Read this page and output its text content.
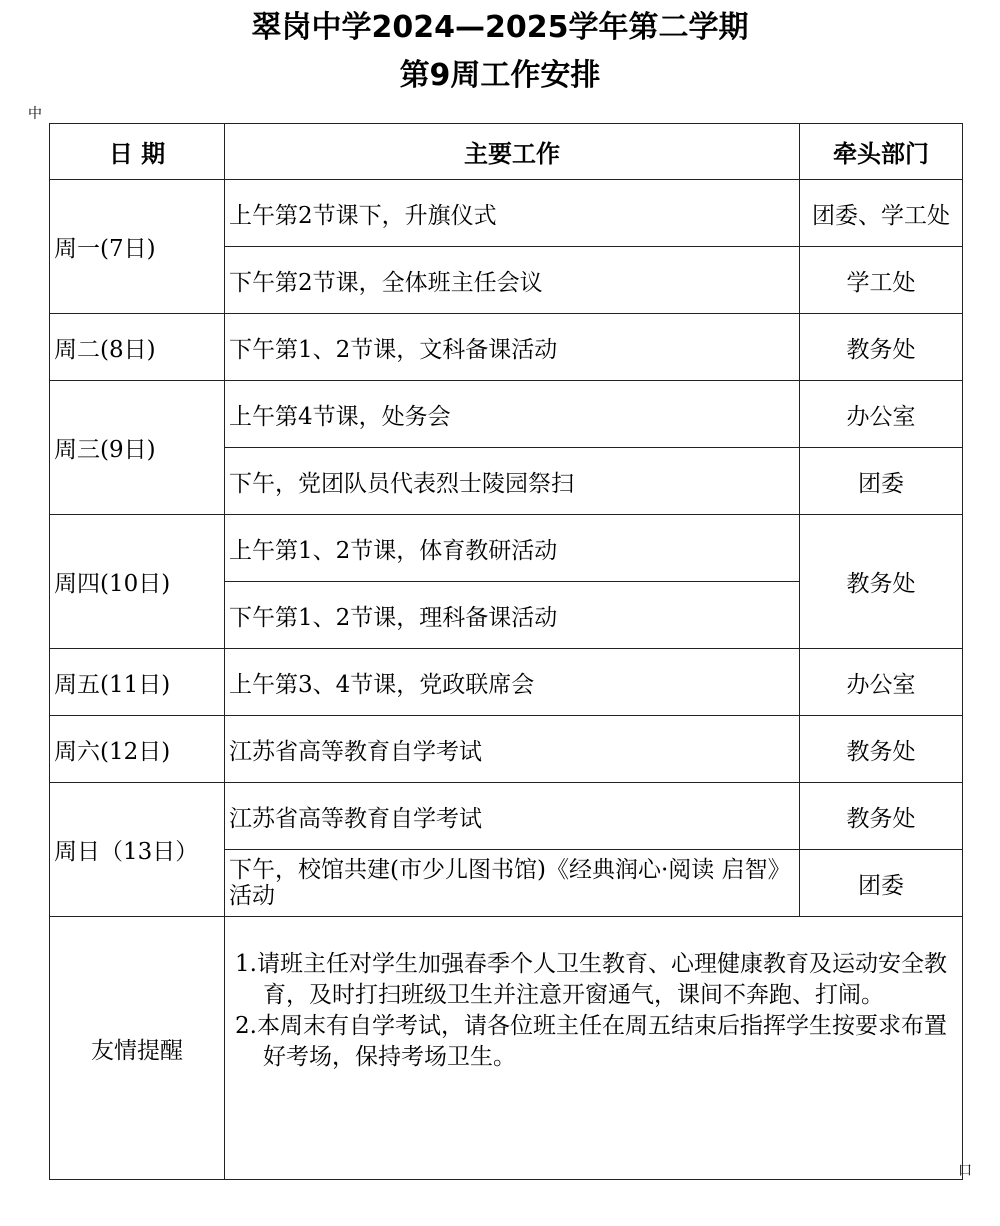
翠岗中学2024—2025学年第二学期
第9周工作安排
中
日 期	主要工作	牵头部门
周一(7日)	上午第2节课下，升旗仪式	团委、学工处
	下午第2节课，全体班主任会议	学工处
周二(8日)	下午第1、2节课，文科备课活动	教务处
周三(9日)	上午第4节课，处务会	办公室
	下午，党团队员代表烈士陵园祭扫	团委
周四(10日)	上午第1、2节课，体育教研活动	教务处
	下午第1、2节课，理科备课活动	
周五(11日)	上午第3、4节课，党政联席会	办公室
周六(12日)	江苏省高等教育自学考试	教务处
周日（13日）	江苏省高等教育自学考试	教务处
	下午，校馆共建(市少儿图书馆)《经典润心·阅读 启智》活动	团委
友情提醒	1.请班主任对学生加强春季个人卫生教育、心理健康教育及运动安全教育，及时打扫班级卫生并注意开窗通气，课间不奔跑、打闹。

2.本周末有自学考试，请各位班主任在周五结束后指挥学生按要求布置好考场，保持考场卫生。	

口
